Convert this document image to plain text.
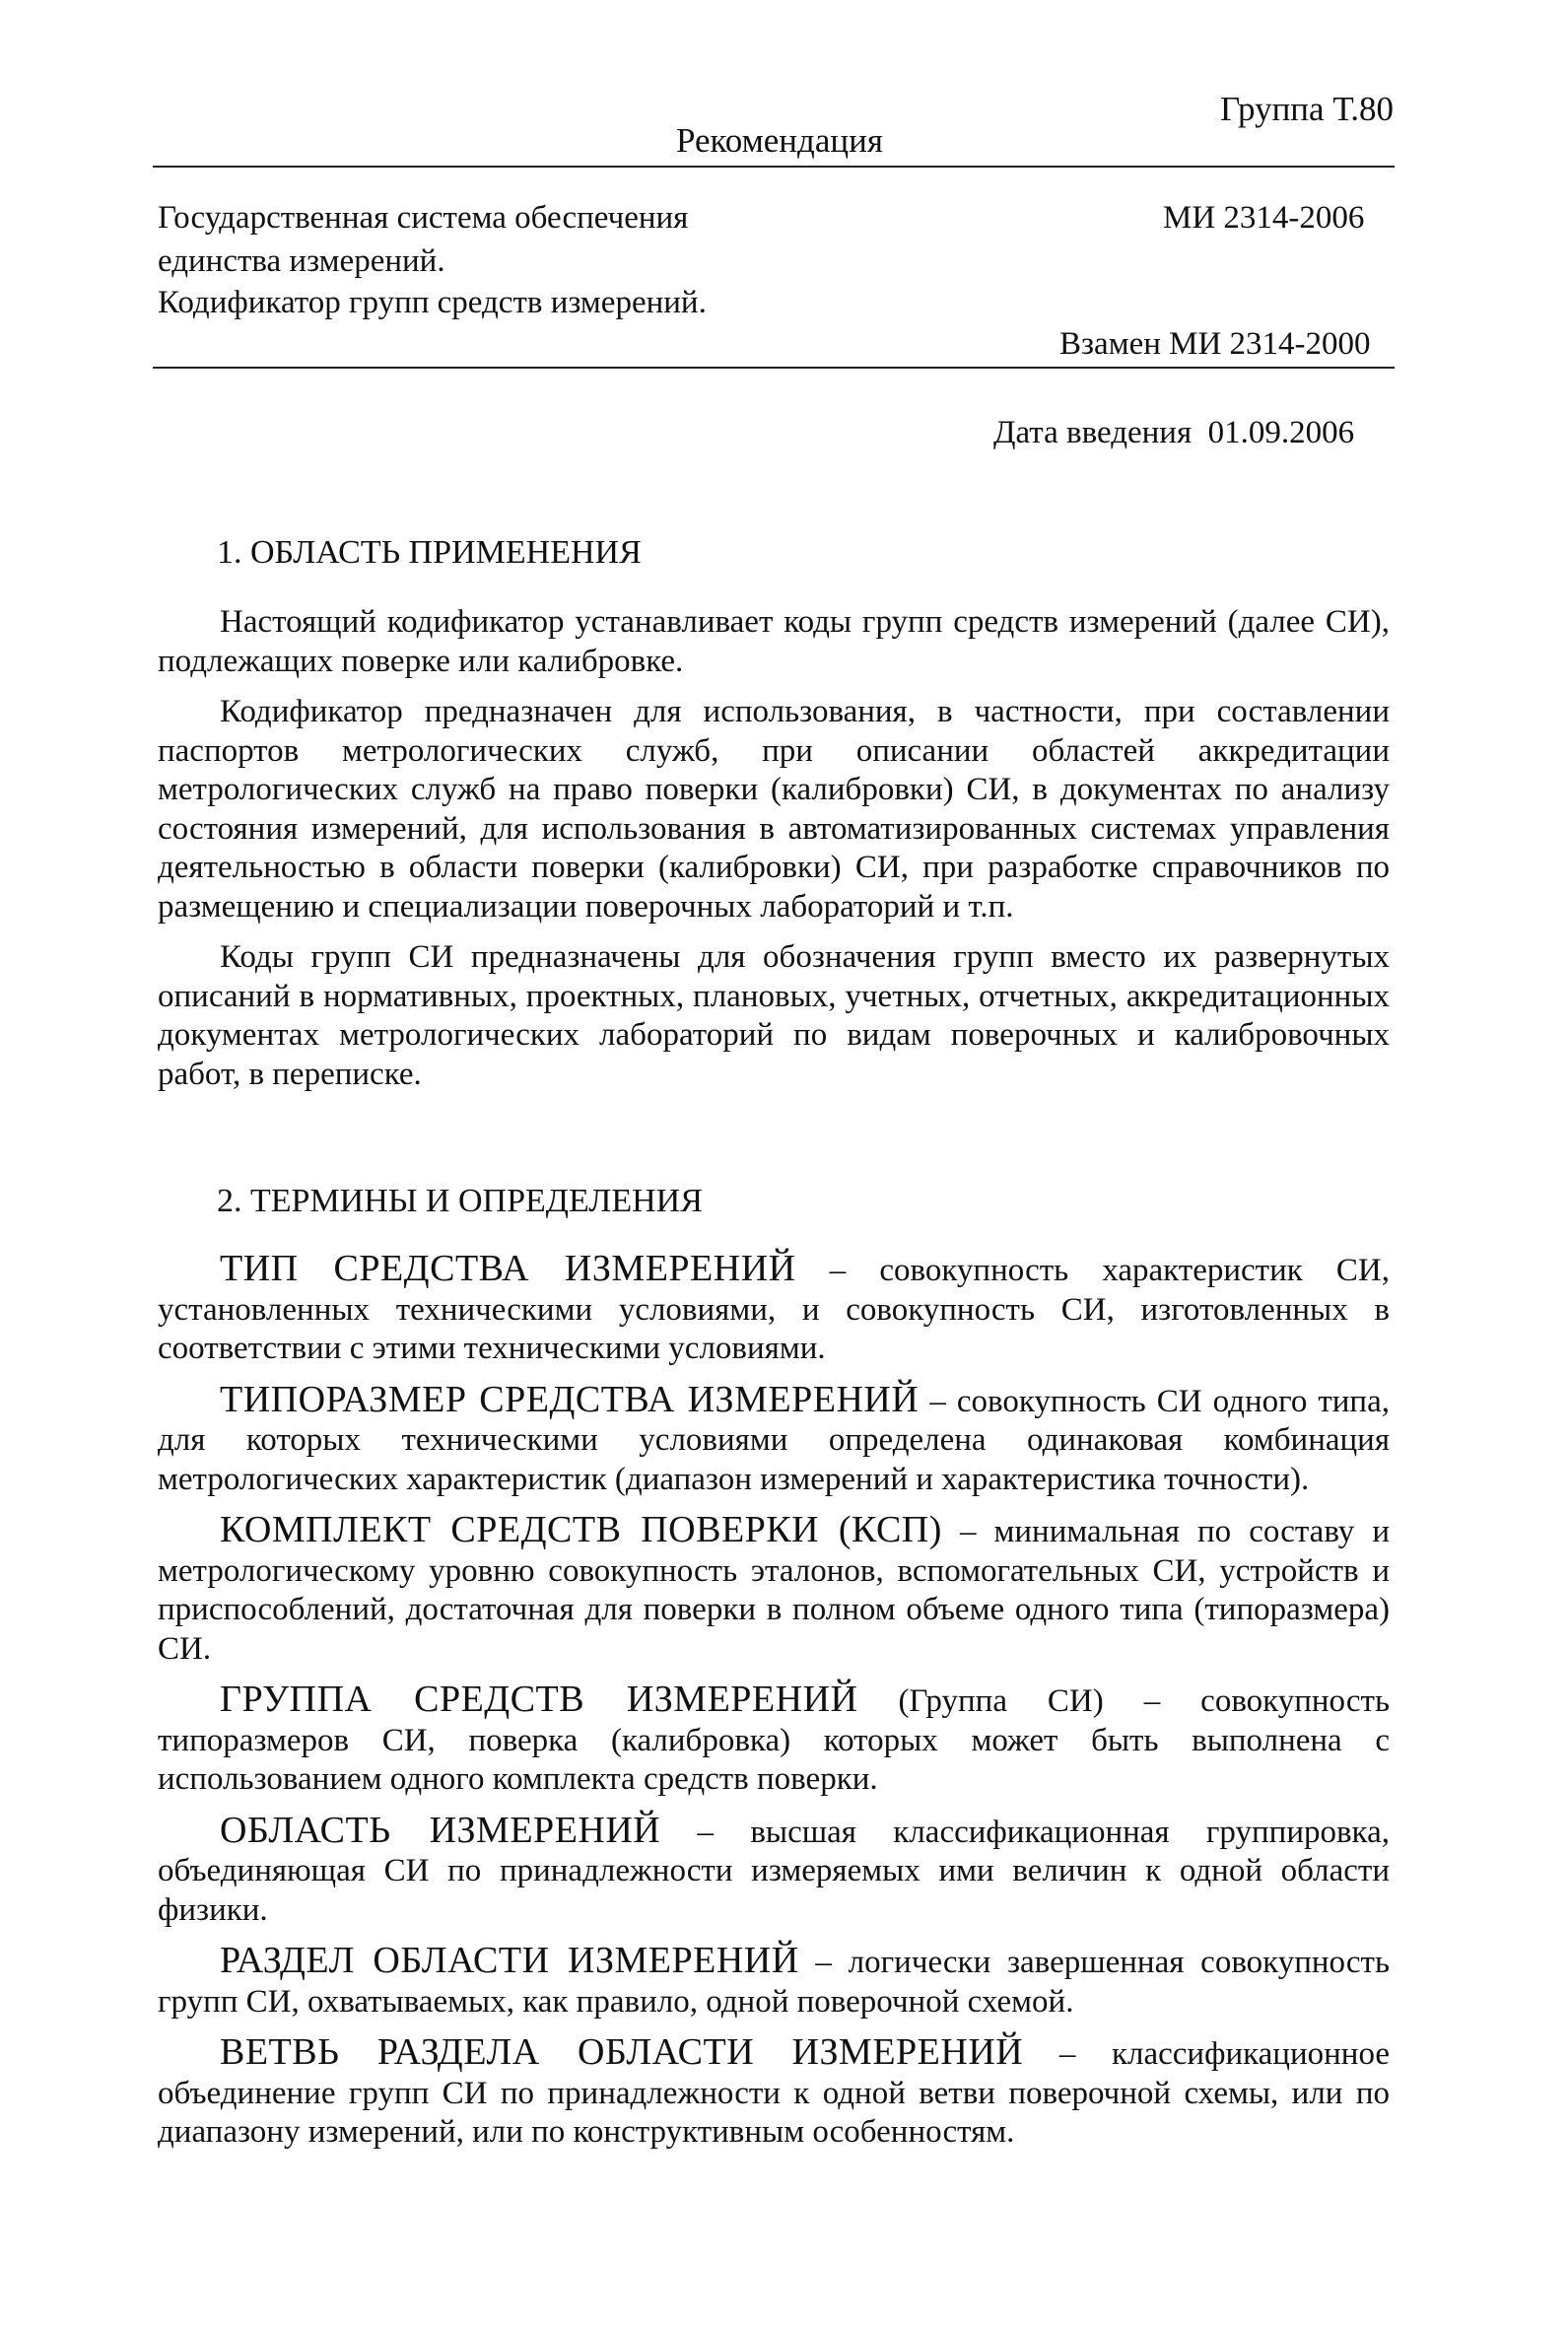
Группа Т.80
Рекомендация
Государственная система обеспечения
единства измерений.
Кодификатор групп средств измерений.
МИ 2314-2006
Взамен МИ 2314-2000
Дата введения  01.09.2006
1. ОБЛАСТЬ ПРИМЕНЕНИЯ

Настоящий кодификатор устанавливает коды групп средств измерений (далее СИ), подлежащих поверке или калибровке.

Кодификатор предназначен для использования, в частности, при составлении паспортов метрологических служб, при описании областей аккредитации метрологических служб на право поверки (калибровки) СИ, в документах по анализу состояния измерений, для использования в автоматизированных системах управления деятельностью в области поверки (калибровки) СИ, при разработке справочников по размещению и специализации поверочных лабораторий и т.п.

Коды групп СИ предназначены для обозначения групп вместо их развернутых описаний в нормативных, проектных, плановых, учетных, отчетных, аккредитационных документах метрологических лабораторий по видам поверочных и калибровочных работ, в переписке.

2. ТЕРМИНЫ И ОПРЕДЕЛЕНИЯ

ТИП СРЕДСТВА ИЗМЕРЕНИЙ – совокупность характеристик СИ, установленных техническими условиями, и совокупность СИ, изготовленных в соответствии с этими техническими условиями.

ТИПОРАЗМЕР СРЕДСТВА ИЗМЕРЕНИЙ – совокупность СИ одного типа, для которых техническими условиями определена одинаковая комбинация метрологических характеристик (диапазон измерений и характеристика точности).

КОМПЛЕКТ СРЕДСТВ ПОВЕРКИ (КСП) – минимальная по составу и метрологическому уровню совокупность эталонов, вспомогательных СИ, устройств и приспособлений, достаточная для поверки в полном объеме одного типа (типоразмера) СИ.

ГРУППА СРЕДСТВ ИЗМЕРЕНИЙ (Группа СИ) – совокупность типоразмеров СИ, поверка (калибровка) которых может быть выполнена с использованием одного комплекта средств поверки.

ОБЛАСТЬ ИЗМЕРЕНИЙ – высшая классификационная группировка, объединяющая СИ по принадлежности измеряемых ими величин к одной области физики.

РАЗДЕЛ ОБЛАСТИ ИЗМЕРЕНИЙ – логически завершенная совокупность групп СИ, охватываемых, как правило, одной поверочной схемой.

ВЕТВЬ РАЗДЕЛА ОБЛАСТИ ИЗМЕРЕНИЙ – классификационное объединение групп СИ по принадлежности к одной ветви поверочной схемы, или по диапазону измерений, или по конструктивным особенностям.
